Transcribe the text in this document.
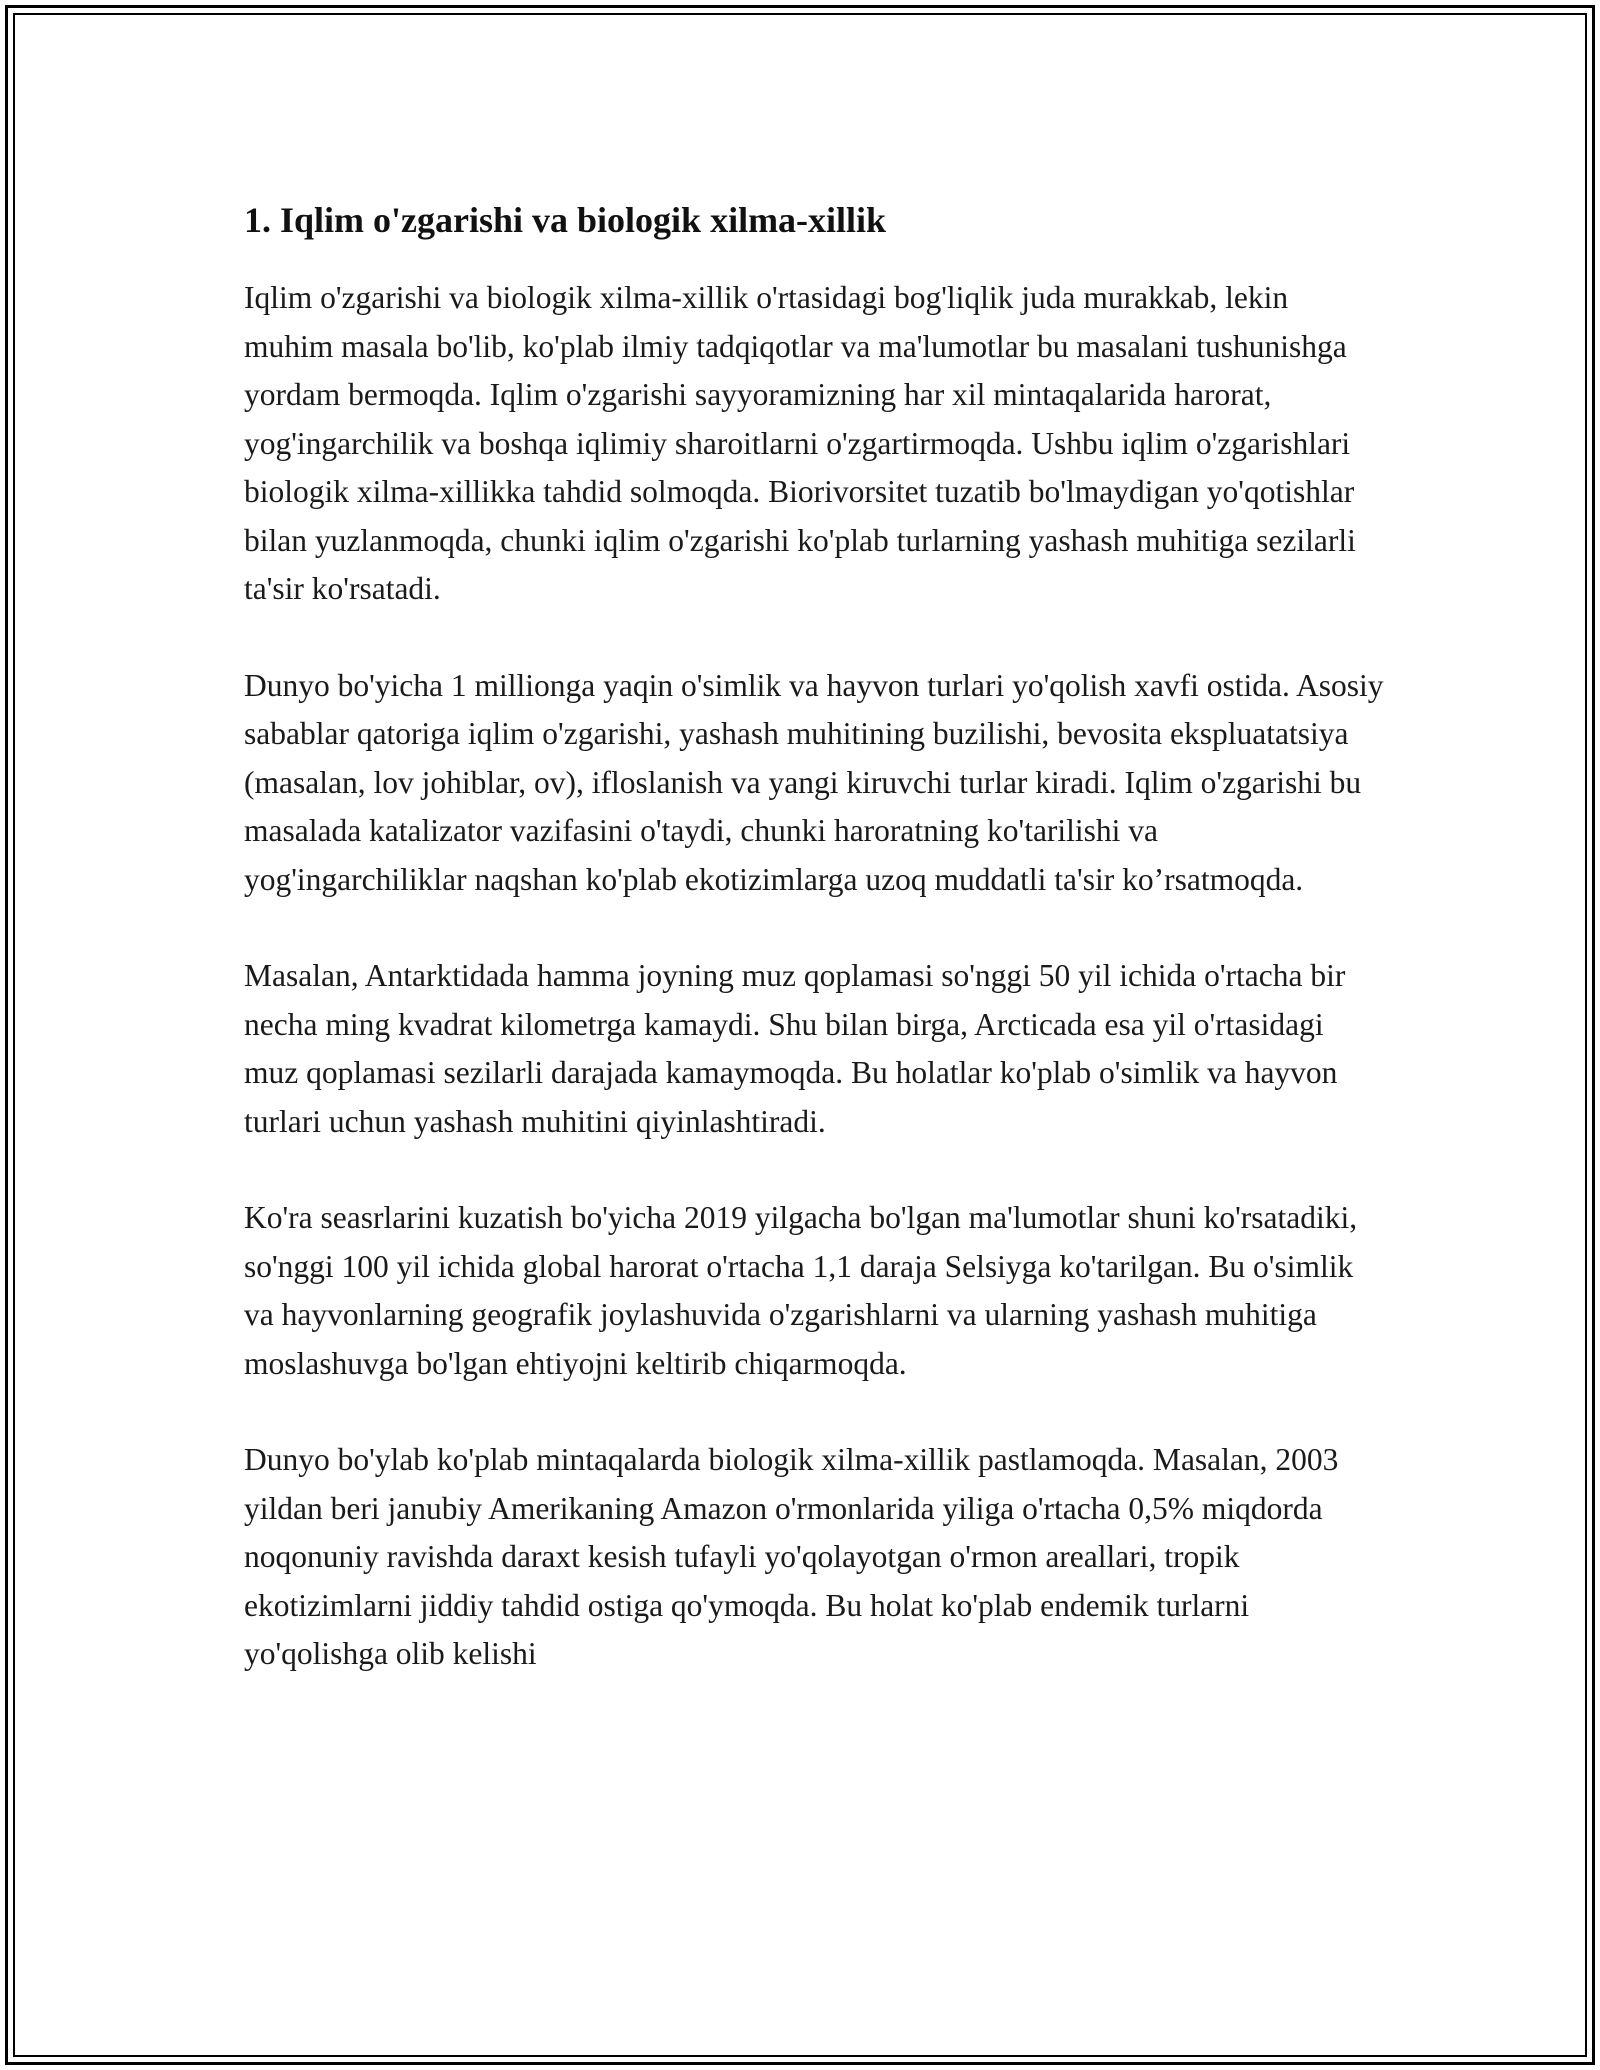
1. Iqlim o'zgarishi va biologik xilma-xillik

Iqlim o'zgarishi va biologik xilma-xillik o'rtasidagi bog'liqlik juda murakkab, lekin muhim masala bo'lib, ko'plab ilmiy tadqiqotlar va ma'lumotlar bu masalani tushunishga yordam bermoqda. Iqlim o'zgarishi sayyoramizning har xil mintaqalarida harorat, yog'ingarchilik va boshqa iqlimiy sharoitlarni o'zgartirmoqda. Ushbu iqlim o'zgarishlari biologik xilma-xillikka tahdid solmoqda. Biorivorsitet tuzatib bo'lmaydigan yo'qotishlar bilan yuzlanmoqda, chunki iqlim o'zgarishi ko'plab turlarning yashash muhitiga sezilarli ta'sir ko'rsatadi.

Dunyo bo'yicha 1 millionga yaqin o'simlik va hayvon turlari yo'qolish xavfi ostida. Asosiy sabablar qatoriga iqlim o'zgarishi, yashash muhitining buzilishi, bevosita ekspluatatsiya (masalan, lov johiblar, ov), ifloslanish va yangi kiruvchi turlar kiradi. Iqlim o'zgarishi bu masalada katalizator vazifasini o'taydi, chunki haroratning ko'tarilishi va yog'ingarchiliklar naqshan ko'plab ekotizimlarga uzoq muddatli ta'sir ko’rsatmoqda.

Masalan, Antarktidada hamma joyning muz qoplamasi so'nggi 50 yil ichida o'rtacha bir necha ming kvadrat kilometrga kamaydi. Shu bilan birga, Arcticada esa yil o'rtasidagi muz qoplamasi sezilarli darajada kamaymoqda. Bu holatlar ko'plab o'simlik va hayvon turlari uchun yashash muhitini qiyinlashtiradi.

Ko'ra seasrlarini kuzatish bo'yicha 2019 yilgacha bo'lgan ma'lumotlar shuni ko'rsatadiki, so'nggi 100 yil ichida global harorat o'rtacha 1,1 daraja Selsiyga ko'tarilgan. Bu o'simlik va hayvonlarning geografik joylashuvida o'zgarishlarni va ularning yashash muhitiga moslashuvga bo'lgan ehtiyojni keltirib chiqarmoqda.

Dunyo bo'ylab ko'plab mintaqalarda biologik xilma-xillik pastlamoqda. Masalan, 2003 yildan beri janubiy Amerikaning Amazon o'rmonlarida yiliga o'rtacha 0,5% miqdorda noqonuniy ravishda daraxt kesish tufayli yo'qolayotgan o'rmon areallari, tropik ekotizimlarni jiddiy tahdid ostiga qo'ymoqda. Bu holat ko'plab endemik turlarni yo'qolishga olib kelishi
